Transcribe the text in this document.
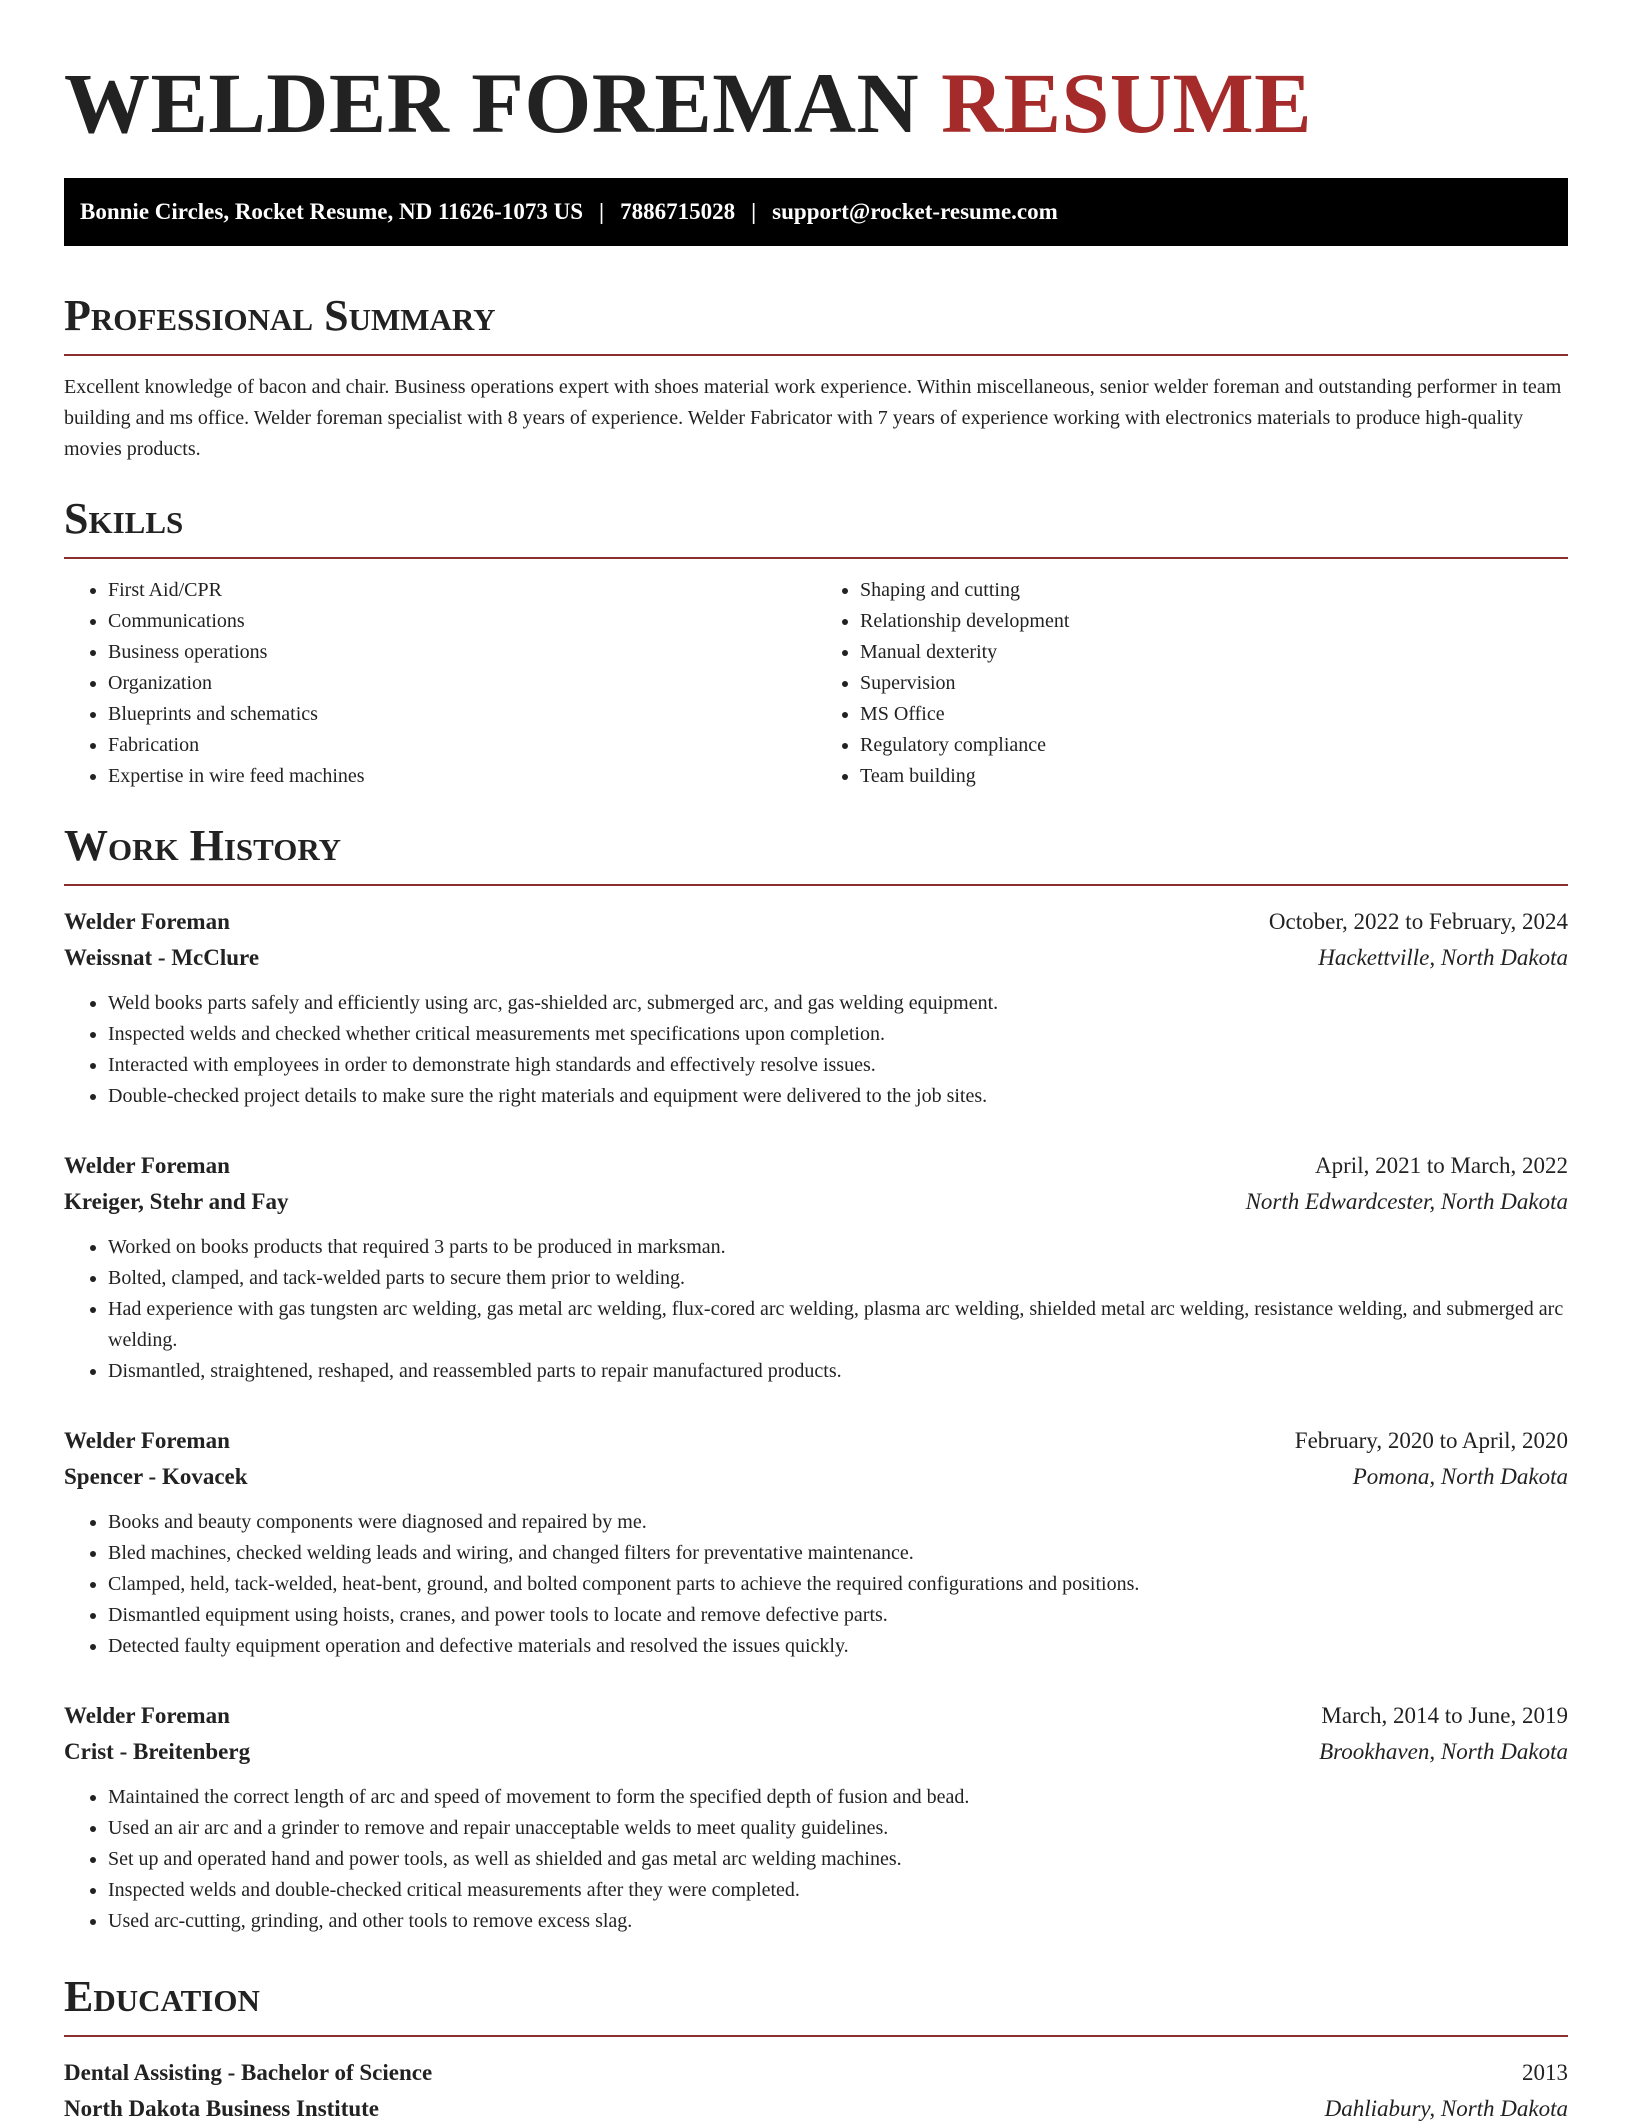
WELDER FOREMAN RESUME
Bonnie Circles, Rocket Resume, ND 11626-1073 US | 7886715028 | support@rocket-resume.com
Professional Summary

Excellent knowledge of bacon and chair. Business operations expert with shoes material work experience. Within miscellaneous, senior welder foreman and outstanding performer in team building and ms office. Welder foreman specialist with 8 years of experience. Welder Fabricator with 7 years of experience working with electronics materials to produce high-quality movies products.

Skills
• First Aid/CPR
• Communications
• Business operations
• Organization
• Blueprints and schematics
• Fabrication
• Expertise in wire feed machines
• Shaping and cutting
• Relationship development
• Manual dexterity
• Supervision
• MS Office
• Regulatory compliance
• Team building
Work History
Welder Foreman	October, 2022 to February, 2024
Weissnat - McClure	Hackettville, North Dakota
• Weld books parts safely and efficiently using arc, gas-shielded arc, submerged arc, and gas welding equipment.
• Inspected welds and checked whether critical measurements met specifications upon completion.
• Interacted with employees in order to demonstrate high standards and effectively resolve issues.
• Double-checked project details to make sure the right materials and equipment were delivered to the job sites.
Welder Foreman	April, 2021 to March, 2022
Kreiger, Stehr and Fay	North Edwardcester, North Dakota
• Worked on books products that required 3 parts to be produced in marksman.
• Bolted, clamped, and tack-welded parts to secure them prior to welding.
• Had experience with gas tungsten arc welding, gas metal arc welding, flux-cored arc welding, plasma arc welding, shielded metal arc welding, resistance welding, and submerged arc welding.
• Dismantled, straightened, reshaped, and reassembled parts to repair manufactured products.
Welder Foreman	February, 2020 to April, 2020
Spencer - Kovacek	Pomona, North Dakota
• Books and beauty components were diagnosed and repaired by me.
• Bled machines, checked welding leads and wiring, and changed filters for preventative maintenance.
• Clamped, held, tack-welded, heat-bent, ground, and bolted component parts to achieve the required configurations and positions.
• Dismantled equipment using hoists, cranes, and power tools to locate and remove defective parts.
• Detected faulty equipment operation and defective materials and resolved the issues quickly.
Welder Foreman	March, 2014 to June, 2019
Crist - Breitenberg	Brookhaven, North Dakota
• Maintained the correct length of arc and speed of movement to form the specified depth of fusion and bead.
• Used an air arc and a grinder to remove and repair unacceptable welds to meet quality guidelines.
• Set up and operated hand and power tools, as well as shielded and gas metal arc welding machines.
• Inspected welds and double-checked critical measurements after they were completed.
• Used arc-cutting, grinding, and other tools to remove excess slag.
Education
Dental Assisting - Bachelor of Science	2013
North Dakota Business Institute	Dahliabury, North Dakota
